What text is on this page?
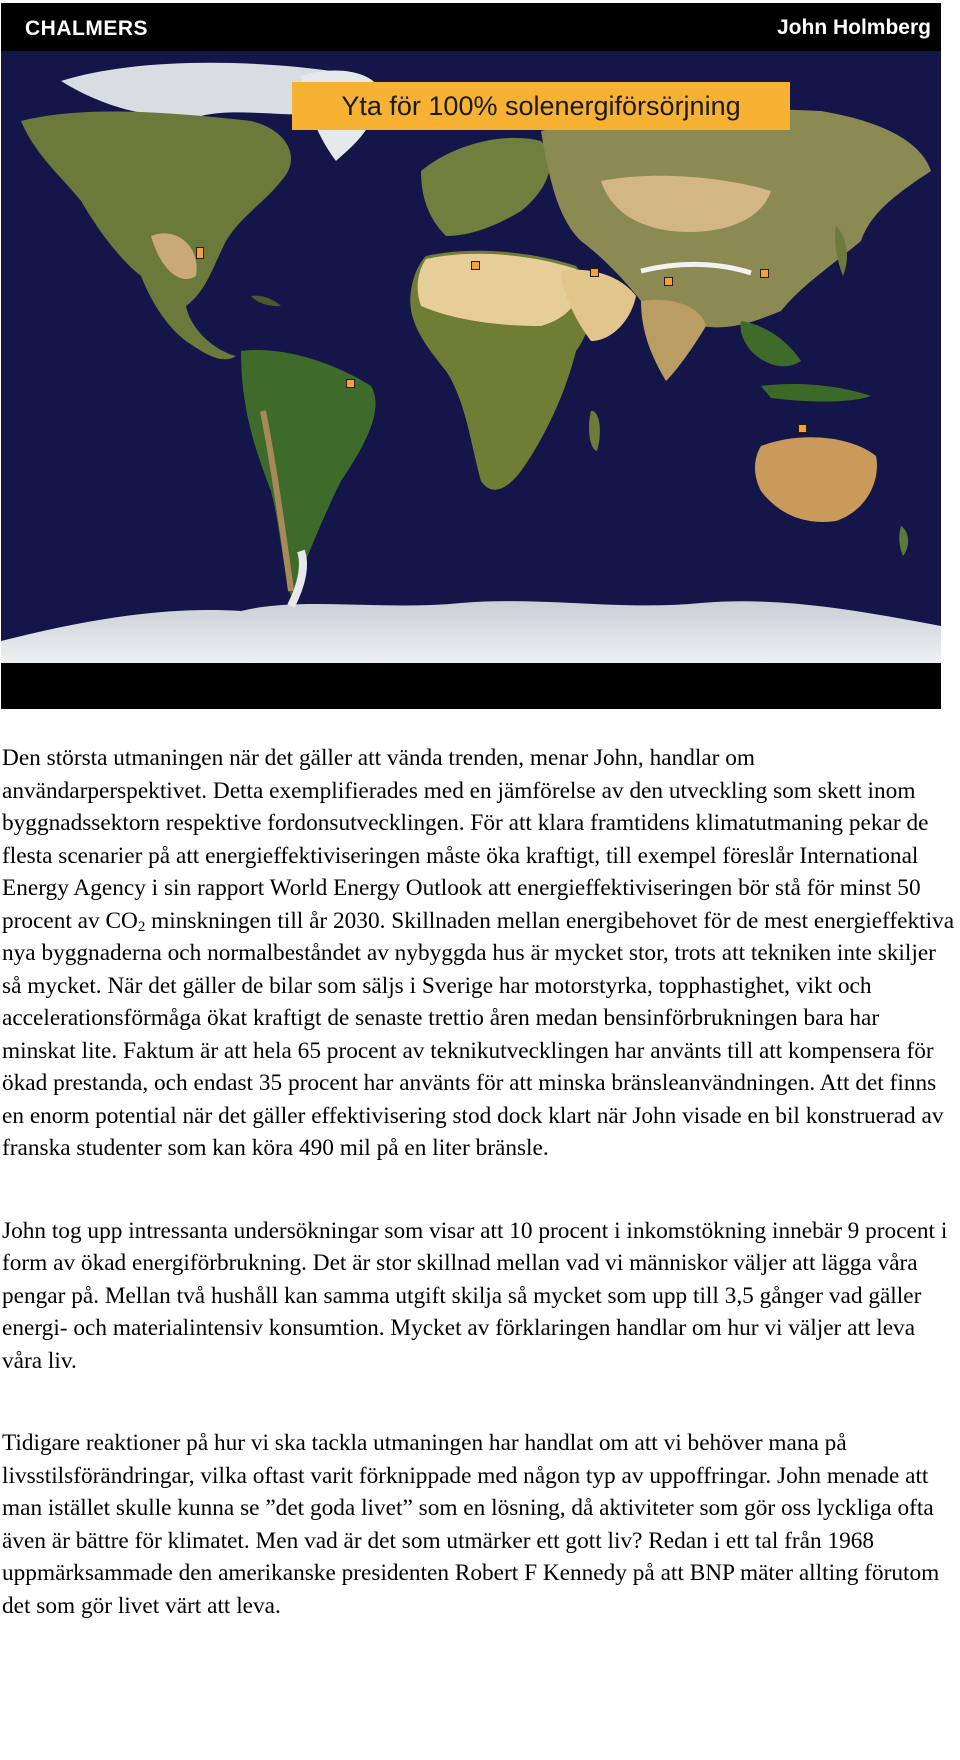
CHALMERS	John Holmberg
Yta för 100% solenergiförsörjning

Den största utmaningen när det gäller att vända trenden, menar John, handlar om användarperspektivet. Detta exemplifierades med en jämförelse av den utveckling som skett inom byggnadssektorn respektive fordonsutvecklingen. För att klara framtidens klimatutmaning pekar de flesta scenarier på att energieffektiviseringen måste öka kraftigt, till exempel föreslår International Energy Agency i sin rapport World Energy Outlook att energieffektiviseringen bör stå för minst 50 procent av $CO_2$ minskningen till år 2030. Skillnaden mellan energibehovet för de mest energieffektiva nya byggnaderna och normalbeståndet av nybyggda hus är mycket stor, trots att tekniken inte skiljer så mycket. När det gäller de bilar som säljs i Sverige har motorstyrka, topphastighet, vikt och accelerationsförmåga ökat kraftigt de senaste trettio åren medan bensinförbrukningen bara har minskat lite. Faktum är att hela 65 procent av teknikutvecklingen har använts till att kompensera för ökad prestanda, och endast 35 procent har använts för att minska bränsleanvändningen. Att det finns en enorm potential när det gäller effektivisering stod dock klart när John visade en bil konstruerad av franska studenter som kan köra 490 mil på en liter bränsle.

John tog upp intressanta undersökningar som visar att 10 procent i inkomstökning innebär 9 procent i form av ökad energiförbrukning. Det är stor skillnad mellan vad vi människor väljer att lägga våra pengar på. Mellan två hushåll kan samma utgift skilja så mycket som upp till 3,5 gånger vad gäller energi- och materialintensiv konsumtion. Mycket av förklaringen handlar om hur vi väljer att leva våra liv.

Tidigare reaktioner på hur vi ska tackla utmaningen har handlat om att vi behöver mana på livsstilsförändringar, vilka oftast varit förknippade med någon typ av uppoffringar. John menade att man istället skulle kunna se ”det goda livet” som en lösning, då aktiviteter som gör oss lyckliga ofta även är bättre för klimatet. Men vad är det som utmärker ett gott liv? Redan i ett tal från 1968 uppmärksammade den amerikanske presidenten Robert F Kennedy på att BNP mäter allting förutom det som gör livet värt att leva.
